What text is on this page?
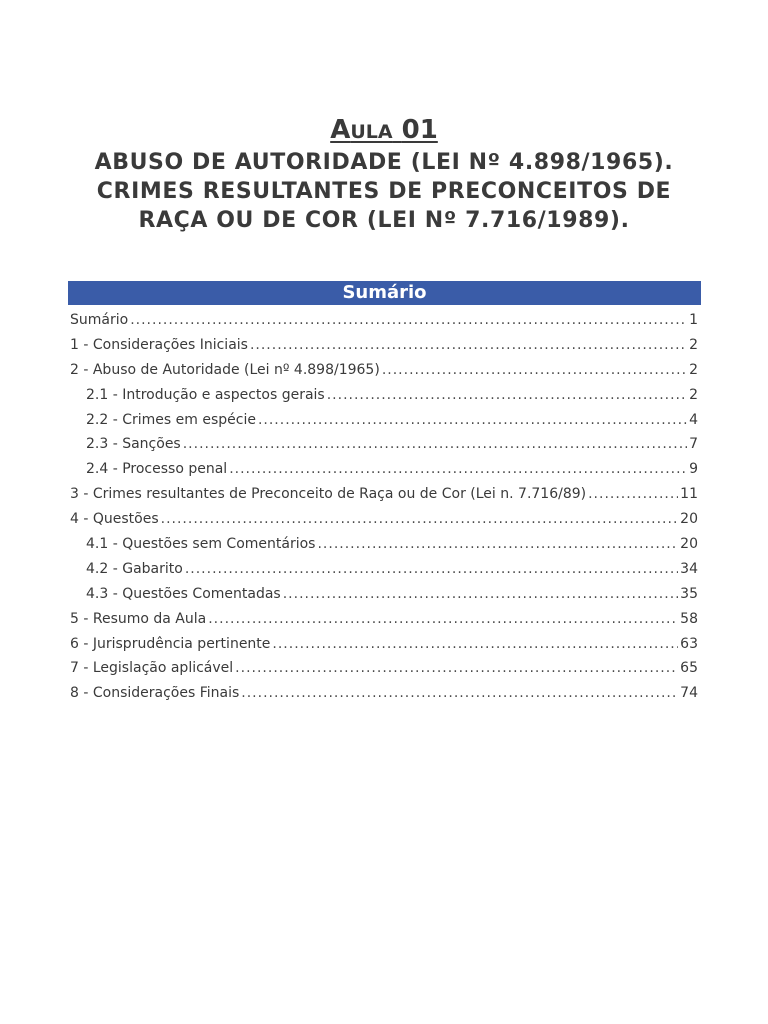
AULA 01
ABUSO DE AUTORIDADE (LEI Nº 4.898/1965). CRIMES RESULTANTES DE PRECONCEITOS DE RAÇA OU DE COR (LEI Nº 7.716/1989).
Sumário
Sumário .....	1
1 - Considerações Iniciais .....	2
2 - Abuso de Autoridade (Lei nº 4.898/1965) .....	2
2.1 - Introdução e aspectos gerais .....	2
2.2 - Crimes em espécie .....	4
2.3 - Sanções .....	7
2.4 - Processo penal .....	9
3 - Crimes resultantes de Preconceito de Raça ou de Cor (Lei n. 7.716/89) .....	11
4 - Questões .....	20
4.1 - Questões sem Comentários .....	20
4.2 - Gabarito .....	34
4.3 - Questões Comentadas .....	35
5 - Resumo da Aula .....	58
6 - Jurisprudência pertinente .....	63
7 - Legislação aplicável .....	65
8 - Considerações Finais .....	74
